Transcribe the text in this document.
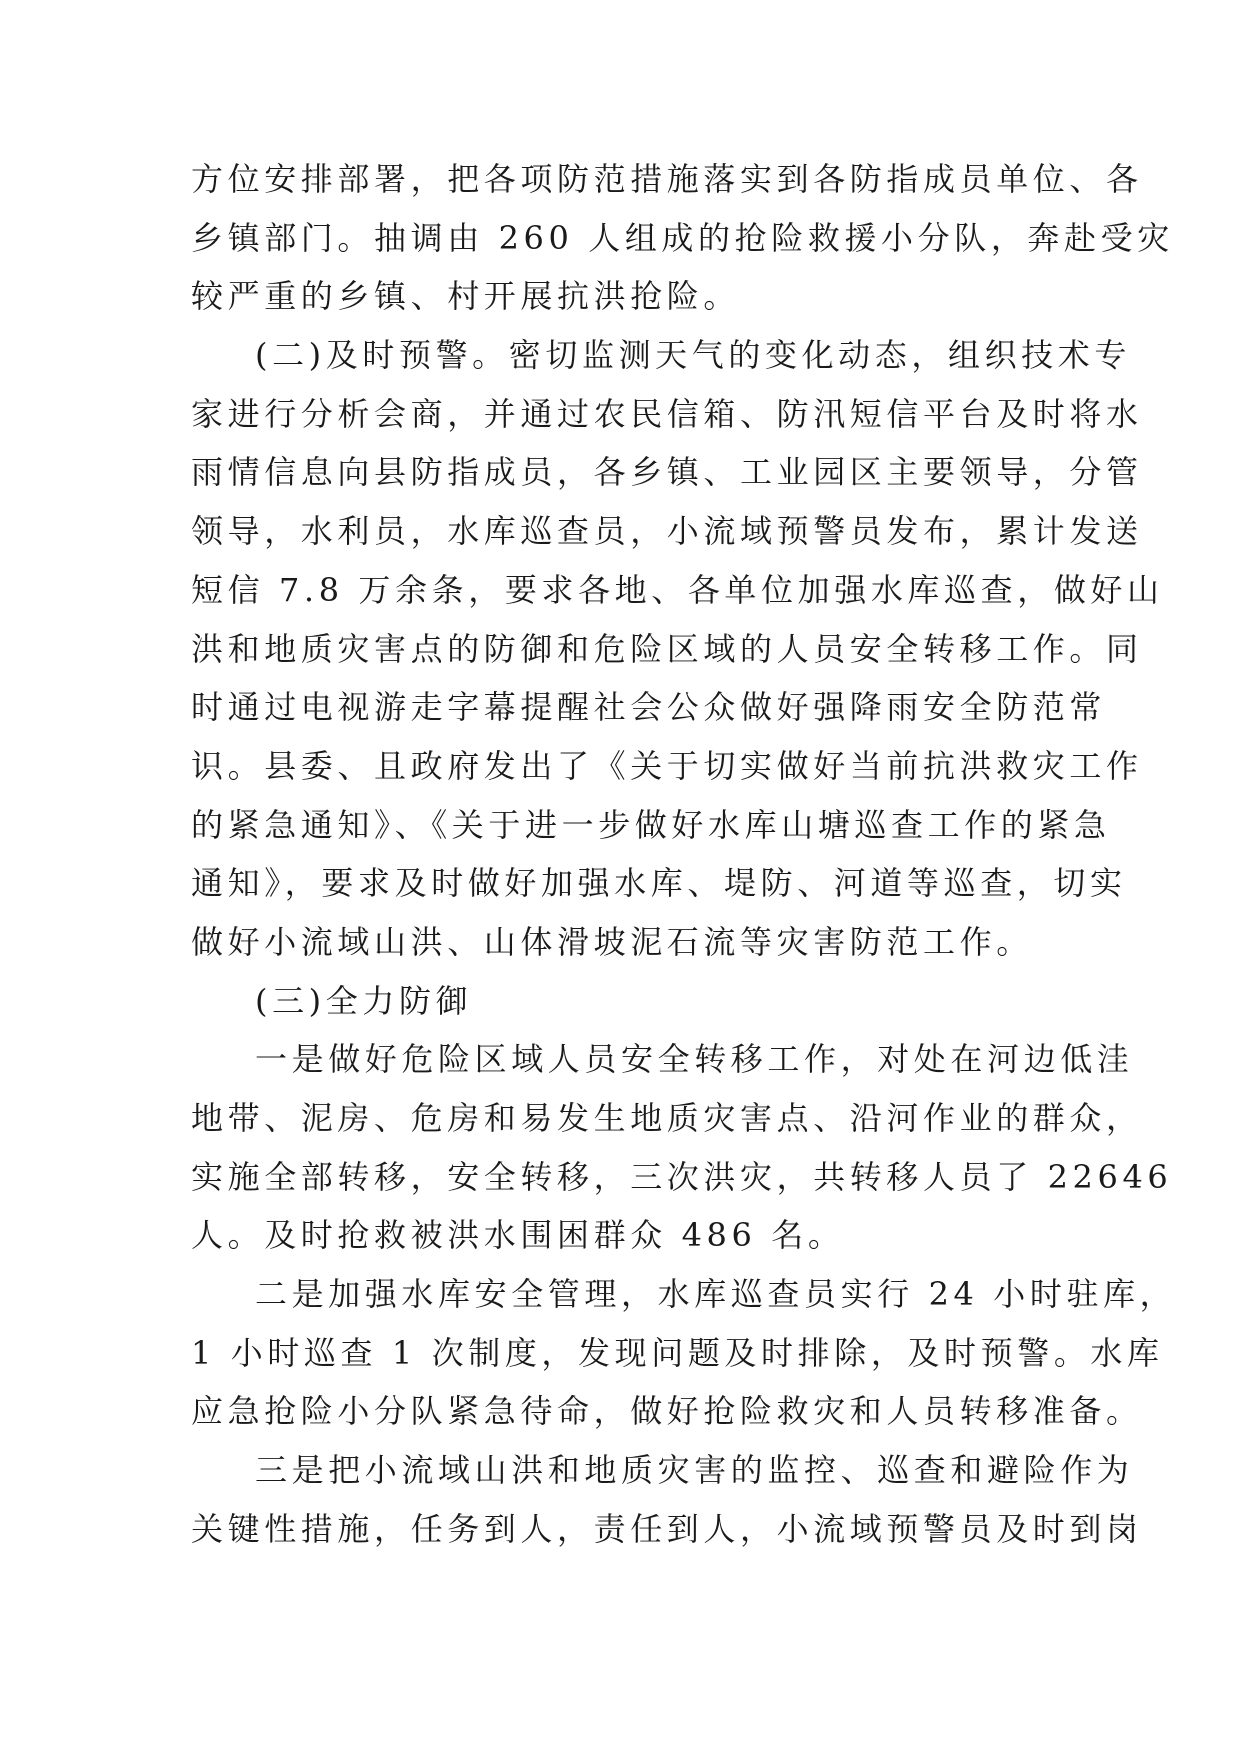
方位安排部署，把各项防范措施落实到各防指成员单位、各
乡镇部门。抽调由 260 人组成的抢险救援小分队，奔赴受灾
较严重的乡镇、村开展抗洪抢险。
(二)及时预警。密切监测天气的变化动态，组织技术专
家进行分析会商，并通过农民信箱、防汛短信平台及时将水
雨情信息向县防指成员，各乡镇、工业园区主要领导，分管
领导，水利员，水库巡查员，小流域预警员发布，累计发送
短信 7.8 万余条，要求各地、各单位加强水库巡查，做好山
洪和地质灾害点的防御和危险区域的人员安全转移工作。同
时通过电视游走字幕提醒社会公众做好强降雨安全防范常
识。县委、且政府发出了《关于切实做好当前抗洪救灾工作
的紧急通知》、《关于进一步做好水库山塘巡查工作的紧急
通知》，要求及时做好加强水库、堤防、河道等巡查，切实
做好小流域山洪、山体滑坡泥石流等灾害防范工作。
(三)全力防御
一是做好危险区域人员安全转移工作，对处在河边低洼
地带、泥房、危房和易发生地质灾害点、沿河作业的群众，
实施全部转移，安全转移，三次洪灾，共转移人员了 22646
人。及时抢救被洪水围困群众 486 名。
二是加强水库安全管理，水库巡查员实行 24 小时驻库，
1 小时巡查 1 次制度，发现问题及时排除，及时预警。水库
应急抢险小分队紧急待命，做好抢险救灾和人员转移准备。
三是把小流域山洪和地质灾害的监控、巡查和避险作为
关键性措施，任务到人，责任到人，小流域预警员及时到岗
